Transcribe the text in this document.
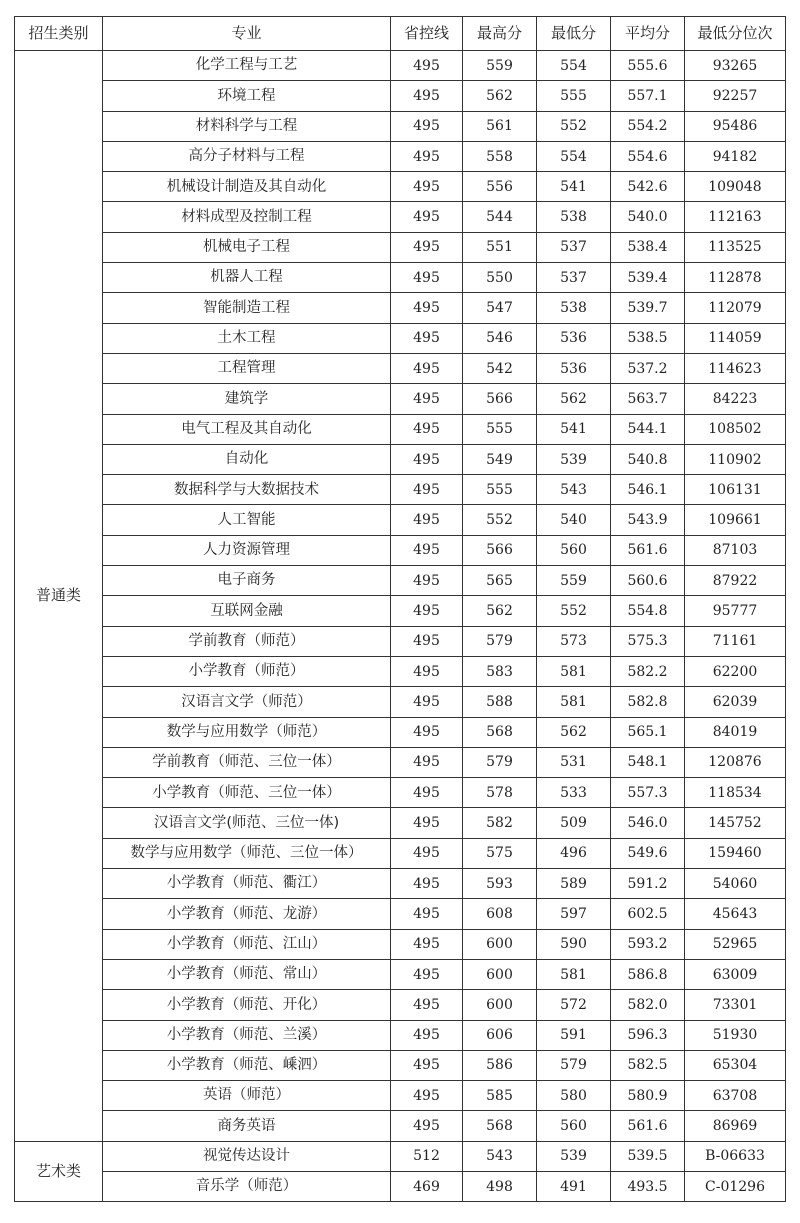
招生类别	专业	省控线	最高分	最低分	平均分	最低分位次
普通类	化学工程与工艺	495	559	554	555.6	93265
	环境工程	495	562	555	557.1	92257
	材料科学与工程	495	561	552	554.2	95486
	高分子材料与工程	495	558	554	554.6	94182
	机械设计制造及其自动化	495	556	541	542.6	109048
	材料成型及控制工程	495	544	538	540.0	112163
	机械电子工程	495	551	537	538.4	113525
	机器人工程	495	550	537	539.4	112878
	智能制造工程	495	547	538	539.7	112079
	土木工程	495	546	536	538.5	114059
	工程管理	495	542	536	537.2	114623
	建筑学	495	566	562	563.7	84223
	电气工程及其自动化	495	555	541	544.1	108502
	自动化	495	549	539	540.8	110902
	数据科学与大数据技术	495	555	543	546.1	106131
	人工智能	495	552	540	543.9	109661
	人力资源管理	495	566	560	561.6	87103
	电子商务	495	565	559	560.6	87922
	互联网金融	495	562	552	554.8	95777
	学前教育（师范）	495	579	573	575.3	71161
	小学教育（师范）	495	583	581	582.2	62200
	汉语言文学（师范）	495	588	581	582.8	62039
	数学与应用数学（师范）	495	568	562	565.1	84019
	学前教育（师范、三位一体）	495	579	531	548.1	120876
	小学教育（师范、三位一体）	495	578	533	557.3	118534
	汉语言文学(师范、三位一体)	495	582	509	546.0	145752
	数学与应用数学（师范、三位一体）	495	575	496	549.6	159460
	小学教育（师范、衢江）	495	593	589	591.2	54060
	小学教育（师范、龙游）	495	608	597	602.5	45643
	小学教育（师范、江山）	495	600	590	593.2	52965
	小学教育（师范、常山）	495	600	581	586.8	63009
	小学教育（师范、开化）	495	600	572	582.0	73301
	小学教育（师范、兰溪）	495	606	591	596.3	51930
	小学教育（师范、嵊泗）	495	586	579	582.5	65304
	英语（师范）	495	585	580	580.9	63708
	商务英语	495	568	560	561.6	86969
艺术类	视觉传达设计	512	543	539	539.5	B-06633
	音乐学（师范）	469	498	491	493.5	C-01296
